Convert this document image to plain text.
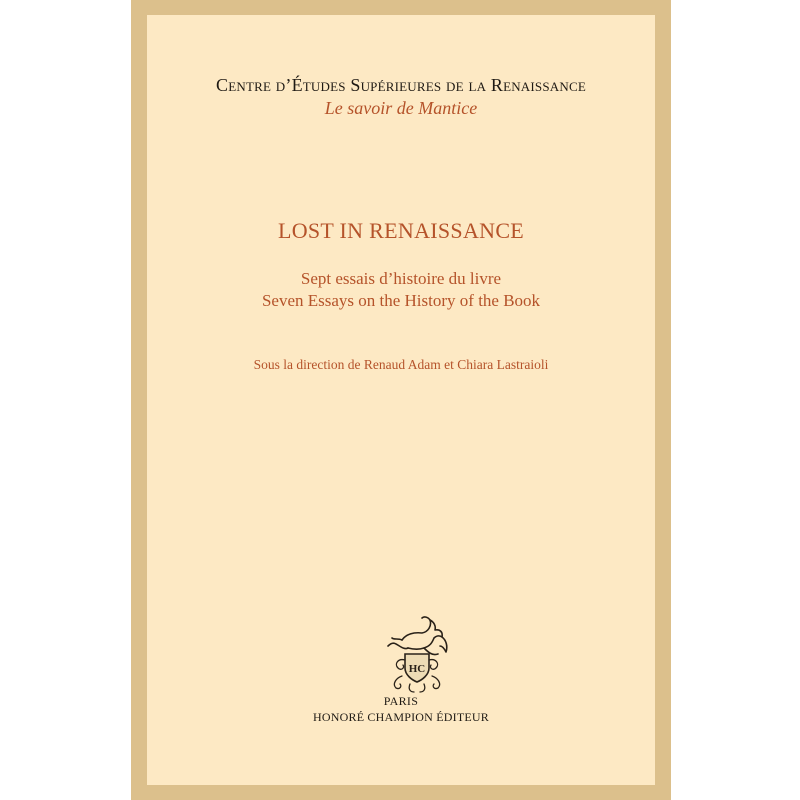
Centre d’Études Supérieures de la Renaissance
Le savoir de Mantice
LOST IN RENAISSANCE
Sept essais d’histoire du livre
Seven Essays on the History of the Book
Sous la direction de Renaud Adam et Chiara Lastraioli
HC
PARIS
HONORÉ CHAMPION ÉDITEUR
